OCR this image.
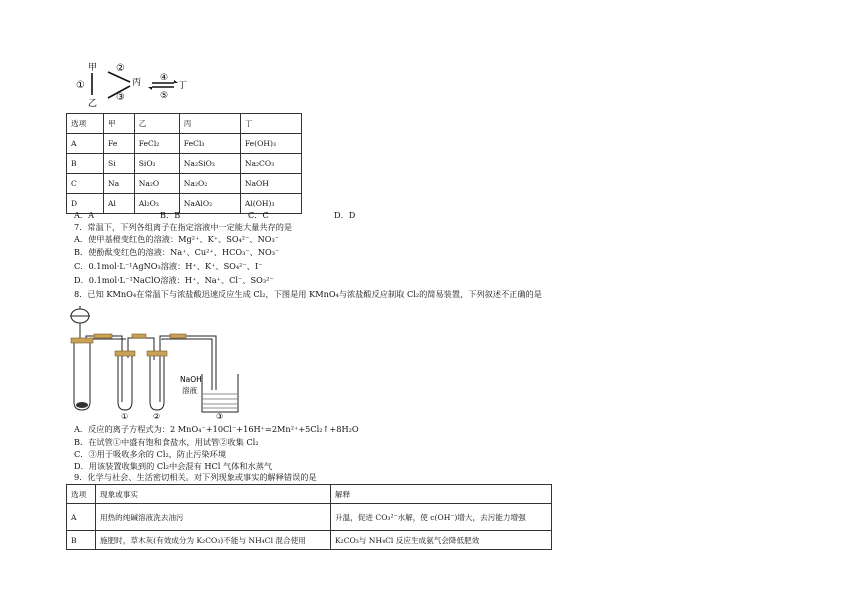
甲 ②
丙 ④
丁
①
乙
③	⑤
选项	甲	乙	丙	丁
A	Fe	FeCl₂	FeCl₃	Fe(OH)₃
B	Si	SiO₂	Na₂SiO₃	Na₂CO₃
C	Na	Na₂O	Na₂O₂	NaOH
D	Al	Al₂O₃	NaAlO₂	Al(OH)₃
A．A	B．B	C．C	D．D
7．常温下，下列各组离子在指定溶液中一定能大量共存的是
A．使甲基橙变红色的溶液：Mg²⁺、K⁺、SO₄²⁻、NO₃⁻
B．使酚酞变红色的溶液：Na⁺、Cu²⁺、HCO₃⁻、NO₃⁻
C．0.1mol·L⁻¹AgNO₃溶液：H⁺、K⁺、SO₄²⁻、I⁻
D．0.1mol·L⁻¹NaClO溶液：H⁺、Na⁺、Cl⁻、SO₃²⁻
8．已知 KMnO₄在常温下与浓盐酸迅速反应生成 Cl₂，下图是用 KMnO₄与浓盐酸反应制取 Cl₂的简易装置，下列叙述不正确的是
NaOH
溶液
①	②	③
A．反应的离子方程式为：2 MnO₄⁻+10Cl⁻+16H⁺=2Mn²⁺+5Cl₂↑+8H₂O
B．在试管①中盛有饱和食盐水，用试管②收集 Cl₂
C．③用于吸收多余的 Cl₂，防止污染环境
D．用该装置收集到的 Cl₂中会混有 HCl 气体和水蒸气
9．化学与社会、生活密切相关。对下列现象或事实的解释错误的是
选项	现象或事实	解释
A	用热的纯碱溶液洗去油污	升温，促进 CO₃²⁻水解，使 c(OH⁻)增大，去污能力增强
B	施肥时，草木灰(有效成分为 K₂CO₃)不能与 NH₄Cl 混合使用	K₂CO₃与 NH₄Cl 反应生成氨气会降低肥效
